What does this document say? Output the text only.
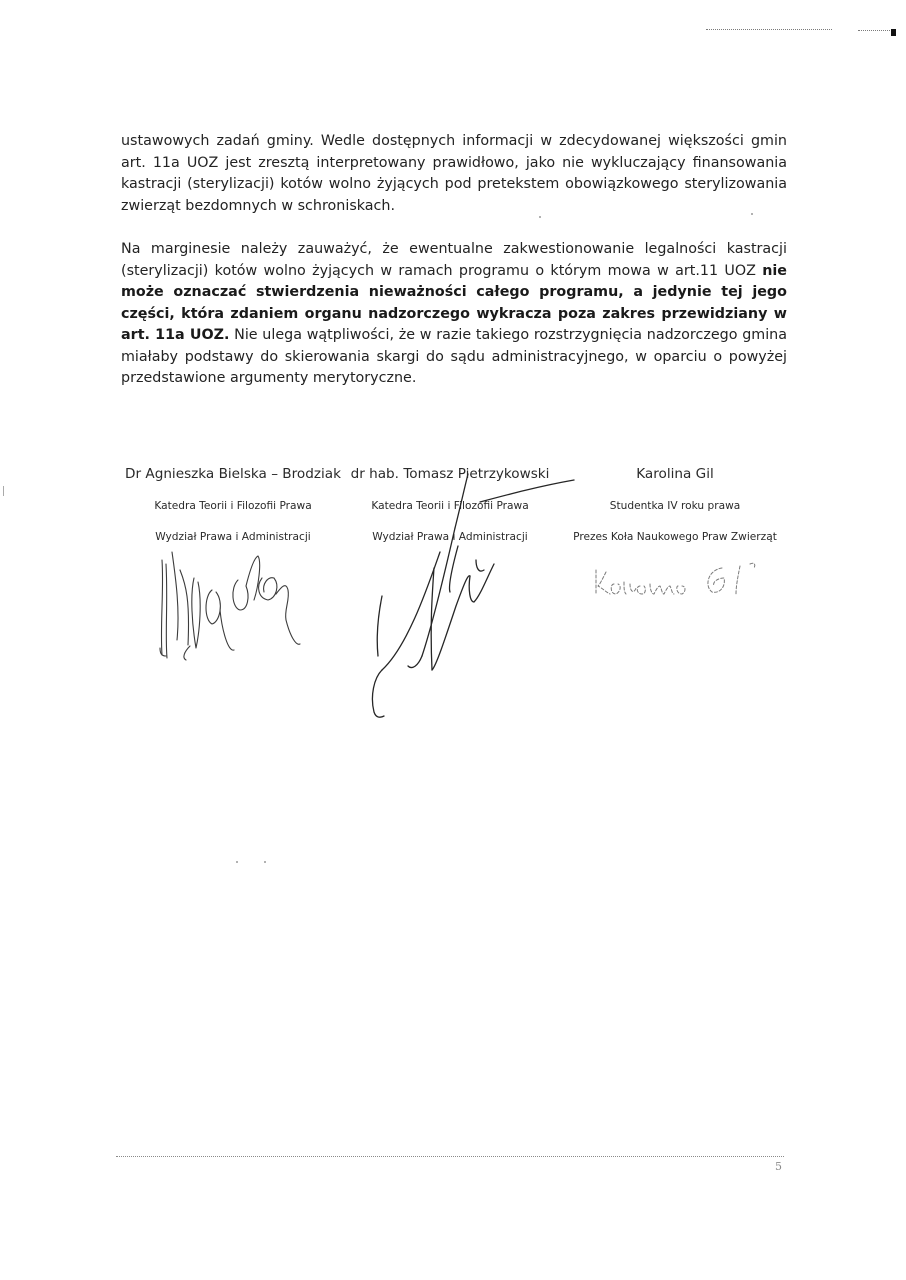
ustawowych zadań gminy. Wedle dostępnych informacji w zdecydowanej większości gmin art. 11a UOZ jest zresztą interpretowany prawidłowo, jako nie wykluczający finansowania kastracji (sterylizacji) kotów wolno żyjących pod pretekstem obowiązkowego sterylizowania zwierząt bezdomnych w schroniskach.

Na marginesie należy zauważyć, że ewentualne zakwestionowanie legalności kastracji (sterylizacji) kotów wolno żyjących w ramach programu o którym mowa w art.11 UOZ nie może oznaczać stwierdzenia nieważności całego programu, a jedynie tej jego części, która zdaniem organu nadzorczego wykracza poza zakres przewidziany w art. 11a UOZ. Nie ulega wątpliwości, że w razie takiego rozstrzygnięcia nadzorczego gmina miałaby podstawy do skierowania skargi do sądu administracyjnego, w oparciu o powyżej przedstawione argumenty merytoryczne.

Dr Agnieszka Bielska – Brodziak
Katedra Teorii i Filozofii Prawa
Wydział Prawa i Administracji
dr hab. Tomasz Pietrzykowski
Katedra Teorii i Filozofii Prawa
Wydział Prawa i Administracji
Karolina Gil
Studentka IV roku prawa
Prezes Koła Naukowego Praw Zwierząt
5
